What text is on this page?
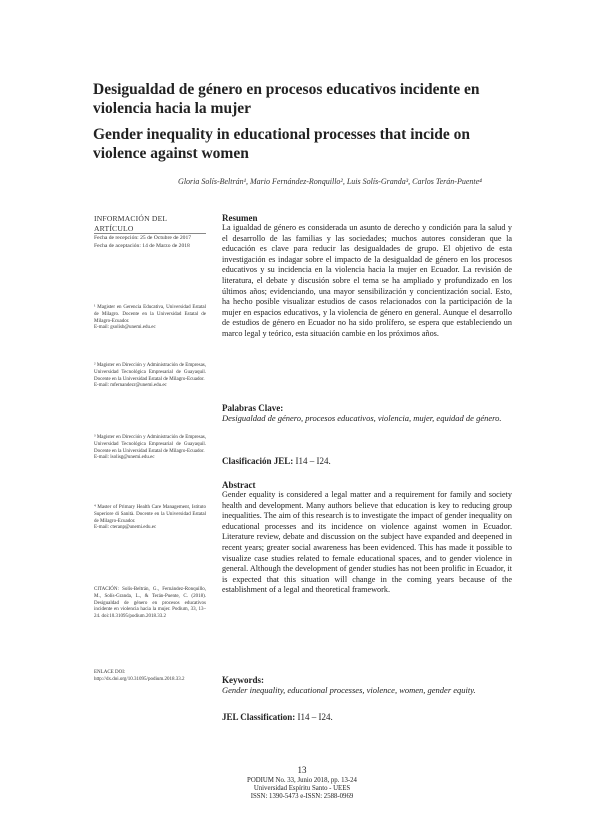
Desigualdad de género en procesos educativos incidente en violencia hacia la mujer
Gender inequality in educational processes that incide on violence against women
Gloria Solís-Beltrán¹, Mario Fernández-Ronquillo², Luis Solís-Granda³, Carlos Terán-Puente⁴
INFORMACIÓN DEL ARTÍCULO
Fecha de recepción: 25 de Octubre de 2017
Fecha de aceptación: 14 de Marzo de 2018
¹ Magister en Gerencia Educativa, Universidad Estatal de Milagro. Docente en la Universidad Estatal de Milagro-Ecuador.
E-mail: gsolisb@unemi.edu.ec
² Magister en Dirección y Administración de Empresas, Universidad Tecnológica Empresarial de Guayaquil. Docente en la Universidad Estatal de Milagro-Ecuador.
E-mail: mfernandezr@unemi.edu.ec
³ Magister en Dirección y Administración de Empresas, Universidad Tecnológica Empresarial de Guayaquil. Docente en la Universidad Estatal de Milagro-Ecuador.
E-mail: lsolisg@unemi.edu.ec
⁴ Master of Primary Health Care Management, Istituto Superiore di Sanità. Docente en la Universidad Estatal de Milagro-Ecuador.
E-mail: cteranp@unemi.edu.ec
CITACIÓN: Solís-Beltrán, G., Fernández-Ronquillo, M., Solís-Granda, L., & Terán-Puente, C. (2018). Desigualdad de género en procesos educativos incidente en violencia hacia la mujer. Podium, 33, 13–24. doi:10.31095/podium.2018.33.2
ENLACE DOI:
http://dx.doi.org/10.31095/podium.2018.33.2
Resumen
La igualdad de género es considerada un asunto de derecho y condición para la salud y el desarrollo de las familias y las sociedades; muchos autores consideran que la educación es clave para reducir las desigualdades de grupo. El objetivo de esta investigación es indagar sobre el impacto de la desigualdad de género en los procesos educativos y su incidencia en la violencia hacia la mujer en Ecuador. La revisión de literatura, el debate y discusión sobre el tema se ha ampliado y profundizado en los últimos años; evidenciando, una mayor sensibilización y concientización social. Esto, ha hecho posible visualizar estudios de casos relacionados con la participación de la mujer en espacios educativos, y la violencia de género en general. Aunque el desarrollo de estudios de género en Ecuador no ha sido prolífero, se espera que estableciendo un marco legal y teórico, esta situación cambie en los próximos años.
Palabras Clave:
Desigualdad de género, procesos educativos, violencia, mujer, equidad de género.
Clasificación JEL: I14 – I24.
Abstract
Gender equality is considered a legal matter and a requirement for family and society health and development. Many authors believe that education is key to reducing group inequalities. The aim of this research is to investigate the impact of gender inequality on educational processes and its incidence on violence against women in Ecuador. Literature review, debate and discussion on the subject have expanded and deepened in recent years; greater social awareness has been evidenced. This has made it possible to visualize case studies related to female educational spaces, and to gender violence in general. Although the development of gender studies has not been prolific in Ecuador, it is expected that this situation will change in the coming years because of the establishment of a legal and theoretical framework.
Keywords:
Gender inequality, educational processes, violence, women, gender equity.
JEL Classification: I14 – I24.
13
PODIUM No. 33, Junio 2018, pp. 13-24
Universidad Espíritu Santo - UEES
ISSN: 1390-5473 e-ISSN: 2588-0969
